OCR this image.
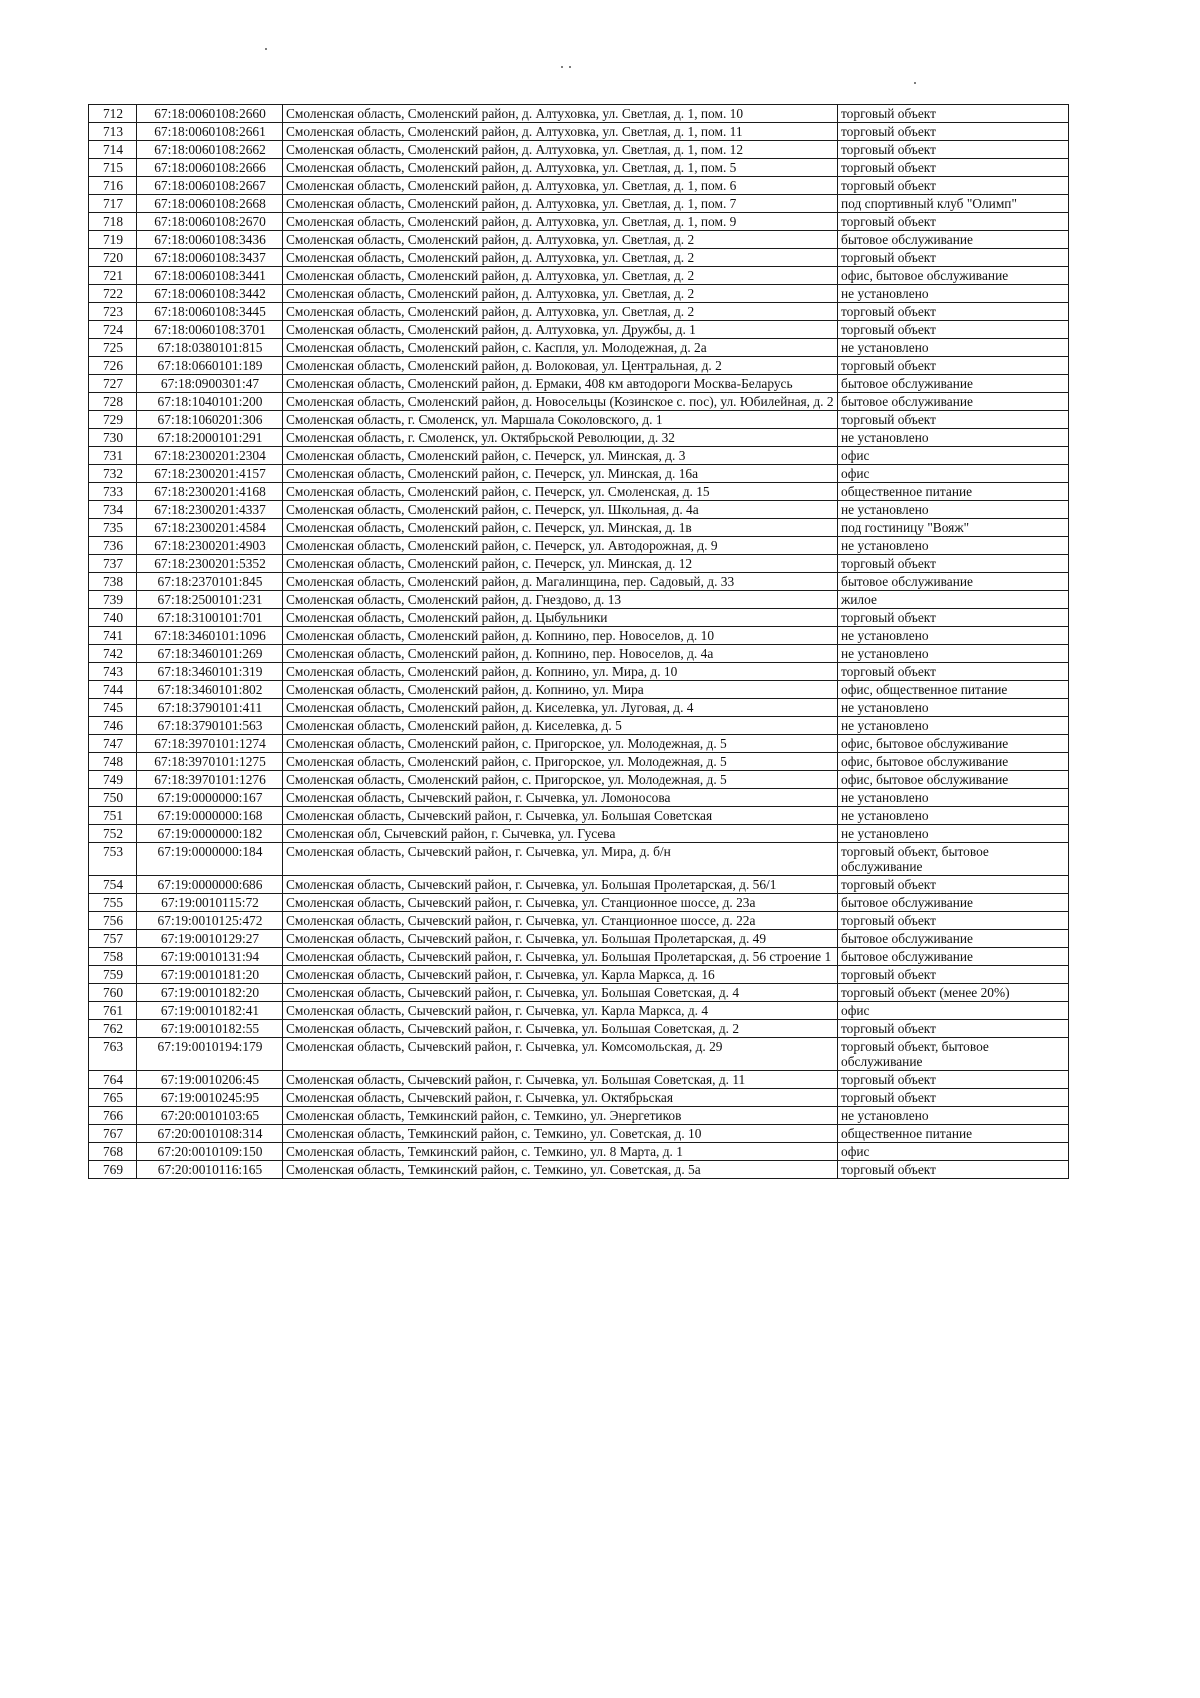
712	67:18:0060108:2660	Смоленская область, Смоленский район, д. Алтуховка, ул. Светлая, д. 1, пом. 10	торговый объект
713	67:18:0060108:2661	Смоленская область, Смоленский район, д. Алтуховка, ул. Светлая, д. 1, пом. 11	торговый объект
714	67:18:0060108:2662	Смоленская область, Смоленский район, д. Алтуховка, ул. Светлая, д. 1, пом. 12	торговый объект
715	67:18:0060108:2666	Смоленская область, Смоленский район, д. Алтуховка, ул. Светлая, д. 1, пом. 5	торговый объект
716	67:18:0060108:2667	Смоленская область, Смоленский район, д. Алтуховка, ул. Светлая, д. 1, пом. 6	торговый объект
717	67:18:0060108:2668	Смоленская область, Смоленский район, д. Алтуховка, ул. Светлая, д. 1, пом. 7	под спортивный клуб "Олимп"
718	67:18:0060108:2670	Смоленская область, Смоленский район, д. Алтуховка, ул. Светлая, д. 1, пом. 9	торговый объект
719	67:18:0060108:3436	Смоленская область, Смоленский район, д. Алтуховка, ул. Светлая, д. 2	бытовое обслуживание
720	67:18:0060108:3437	Смоленская область, Смоленский район, д. Алтуховка, ул. Светлая, д. 2	торговый объект
721	67:18:0060108:3441	Смоленская область, Смоленский район, д. Алтуховка, ул. Светлая, д. 2	офис, бытовое обслуживание
722	67:18:0060108:3442	Смоленская область, Смоленский район, д. Алтуховка, ул. Светлая, д. 2	не установлено
723	67:18:0060108:3445	Смоленская область, Смоленский район, д. Алтуховка, ул. Светлая, д. 2	торговый объект
724	67:18:0060108:3701	Смоленская область, Смоленский район, д. Алтуховка, ул. Дружбы, д. 1	торговый объект
725	67:18:0380101:815	Смоленская область, Смоленский район, с. Каспля, ул. Молодежная, д. 2а	не установлено
726	67:18:0660101:189	Смоленская область, Смоленский район, д. Волоковая, ул. Центральная, д. 2	торговый объект
727	67:18:0900301:47	Смоленская область, Смоленский район, д. Ермаки, 408 км автодороги Москва-Беларусь	бытовое обслуживание
728	67:18:1040101:200	Смоленская область, Смоленский район, д. Новосельцы (Козинское с. пос), ул. Юбилейная, д. 2	бытовое обслуживание
729	67:18:1060201:306	Смоленская область, г. Смоленск, ул. Маршала Соколовского, д. 1	торговый объект
730	67:18:2000101:291	Смоленская область, г. Смоленск, ул. Октябрьской Революции, д. 32	не установлено
731	67:18:2300201:2304	Смоленская область, Смоленский район, с. Печерск, ул. Минская, д. 3	офис
732	67:18:2300201:4157	Смоленская область, Смоленский район, с. Печерск, ул. Минская, д. 16а	офис
733	67:18:2300201:4168	Смоленская область, Смоленский район, с. Печерск, ул. Смоленская, д. 15	общественное питание
734	67:18:2300201:4337	Смоленская область, Смоленский район, с. Печерск, ул. Школьная, д. 4а	не установлено
735	67:18:2300201:4584	Смоленская область, Смоленский район, с. Печерск, ул. Минская, д. 1в	под гостиницу "Вояж"
736	67:18:2300201:4903	Смоленская область, Смоленский район, с. Печерск, ул. Автодорожная, д. 9	не установлено
737	67:18:2300201:5352	Смоленская область, Смоленский район, с. Печерск, ул. Минская, д. 12	торговый объект
738	67:18:2370101:845	Смоленская область, Смоленский район, д. Магалинщина, пер. Садовый, д. 33	бытовое обслуживание
739	67:18:2500101:231	Смоленская область, Смоленский район, д. Гнездово, д. 13	жилое
740	67:18:3100101:701	Смоленская область, Смоленский район, д. Цыбульники	торговый объект
741	67:18:3460101:1096	Смоленская область, Смоленский район, д. Копнино, пер. Новоселов, д. 10	не установлено
742	67:18:3460101:269	Смоленская область, Смоленский район, д. Копнино, пер. Новоселов, д. 4а	не установлено
743	67:18:3460101:319	Смоленская область, Смоленский район, д. Копнино, ул. Мира, д. 10	торговый объект
744	67:18:3460101:802	Смоленская область, Смоленский район, д. Копнино, ул. Мира	офис, общественное питание
745	67:18:3790101:411	Смоленская область, Смоленский район, д. Киселевка, ул. Луговая, д. 4	не установлено
746	67:18:3790101:563	Смоленская область, Смоленский район, д. Киселевка, д. 5	не установлено
747	67:18:3970101:1274	Смоленская область, Смоленский район, с. Пригорское, ул. Молодежная, д. 5	офис, бытовое обслуживание
748	67:18:3970101:1275	Смоленская область, Смоленский район, с. Пригорское, ул. Молодежная, д. 5	офис, бытовое обслуживание
749	67:18:3970101:1276	Смоленская область, Смоленский район, с. Пригорское, ул. Молодежная, д. 5	офис, бытовое обслуживание
750	67:19:0000000:167	Смоленская область, Сычевский район, г. Сычевка, ул. Ломоносова	не установлено
751	67:19:0000000:168	Смоленская область, Сычевский район, г. Сычевка, ул. Большая Советская	не установлено
752	67:19:0000000:182	Смоленская обл, Сычевский район, г. Сычевка, ул. Гусева	не установлено
753	67:19:0000000:184	Смоленская область, Сычевский район, г. Сычевка, ул. Мира, д. б/н	торговый объект, бытовое обслуживание
754	67:19:0000000:686	Смоленская область, Сычевский район, г. Сычевка, ул. Большая Пролетарская, д. 56/1	торговый объект
755	67:19:0010115:72	Смоленская область, Сычевский район, г. Сычевка, ул. Станционное шоссе, д. 23а	бытовое обслуживание
756	67:19:0010125:472	Смоленская область, Сычевский район, г. Сычевка, ул. Станционное шоссе, д. 22а	торговый объект
757	67:19:0010129:27	Смоленская область, Сычевский район, г. Сычевка, ул. Большая Пролетарская, д. 49	бытовое обслуживание
758	67:19:0010131:94	Смоленская область, Сычевский район, г. Сычевка, ул. Большая Пролетарская, д. 56 строение 1	бытовое обслуживание
759	67:19:0010181:20	Смоленская область, Сычевский район, г. Сычевка, ул. Карла Маркса, д. 16	торговый объект
760	67:19:0010182:20	Смоленская область, Сычевский район, г. Сычевка, ул. Большая Советская, д. 4	торговый объект (менее 20%)
761	67:19:0010182:41	Смоленская область, Сычевский район, г. Сычевка, ул. Карла Маркса, д. 4	офис
762	67:19:0010182:55	Смоленская область, Сычевский район, г. Сычевка, ул. Большая Советская, д. 2	торговый объект
763	67:19:0010194:179	Смоленская область, Сычевский район, г. Сычевка, ул. Комсомольская, д. 29	торговый объект, бытовое обслуживание
764	67:19:0010206:45	Смоленская область, Сычевский район, г. Сычевка, ул. Большая Советская, д. 11	торговый объект
765	67:19:0010245:95	Смоленская область, Сычевский район, г. Сычевка, ул. Октябрьская	торговый объект
766	67:20:0010103:65	Смоленская область, Темкинский район, с. Темкино, ул. Энергетиков	не установлено
767	67:20:0010108:314	Смоленская область, Темкинский район, с. Темкино, ул. Советская, д. 10	общественное питание
768	67:20:0010109:150	Смоленская область, Темкинский район, с. Темкино, ул. 8 Марта, д. 1	офис
769	67:20:0010116:165	Смоленская область, Темкинский район, с. Темкино, ул. Советская, д. 5а	торговый объект
